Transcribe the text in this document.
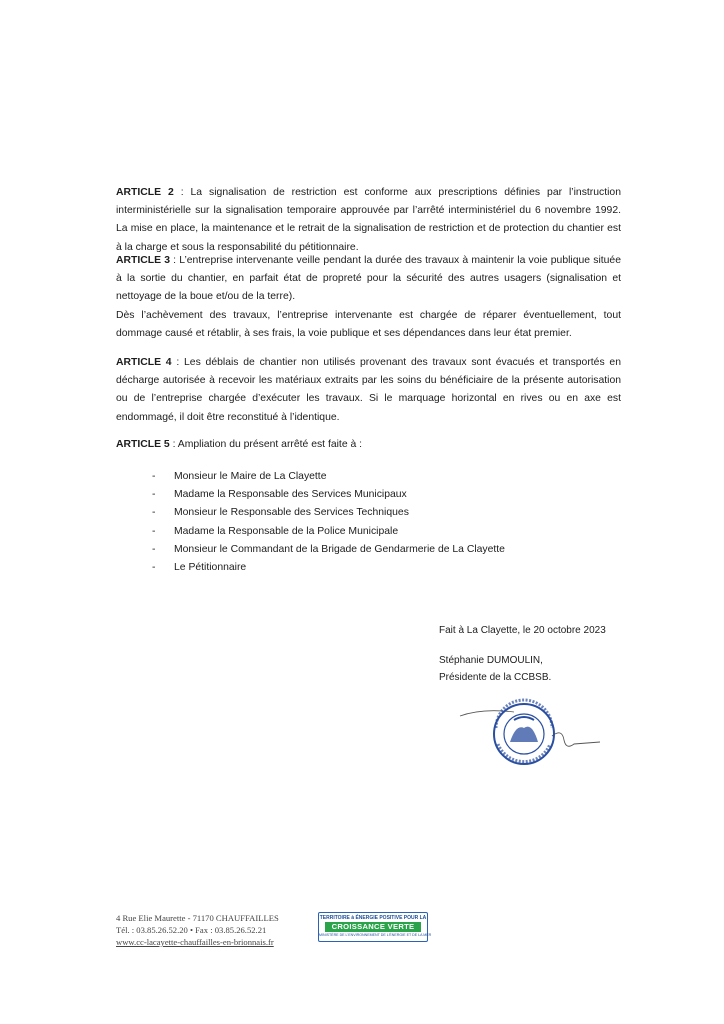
ARTICLE 2 : La signalisation de restriction est conforme aux prescriptions définies par l’instruction interministérielle sur la signalisation temporaire approuvée par l’arrêté interministériel du 6 novembre 1992. La mise en place, la maintenance et le retrait de la signalisation de restriction et de protection du chantier est à la charge et sous la responsabilité du pétitionnaire.

ARTICLE 3 : L’entreprise intervenante veille pendant la durée des travaux à maintenir la voie publique située à la sortie du chantier, en parfait état de propreté pour la sécurité des autres usagers (signalisation et nettoyage de la boue et/ou de la terre).

Dès l’achèvement des travaux, l’entreprise intervenante est chargée de réparer éventuellement, tout dommage causé et rétablir, à ses frais, la voie publique et ses dépendances dans leur état premier.

ARTICLE 4 : Les déblais de chantier non utilisés provenant des travaux sont évacués et transportés en décharge autorisée à recevoir les matériaux extraits par les soins du bénéficiaire de la présente autorisation ou de l’entreprise chargée d’exécuter les travaux. Si le marquage horizontal en rives ou en axe est endommagé, il doit être reconstitué à l’identique.

ARTICLE 5 : Ampliation du présent arrêté est faite à :

- Monsieur le Maire de La Clayette
- Madame la Responsable des Services Municipaux
- Monsieur le Responsable des Services Techniques
- Madame la Responsable de la Police Municipale
- Monsieur le Commandant de la Brigade de Gendarmerie de La Clayette
- Le Pétitionnaire
Fait à La Clayette, le 20 octobre 2023
Stéphanie DUMOULIN,
Présidente de la CCBSB.
4 Rue Elie Maurette - 71170 CHAUFFAILLES
Tél. : 03.85.26.52.20 • Fax : 03.85.26.52.21
www.cc-lacayette-chauffailles-en-brionnais.fr
TERRITOIRE à ÉNERGIE POSITIVE POUR LA
CROISSANCE VERTE
MINISTÈRE DE L'ENVIRONNEMENT DE L'ÉNERGIE ET DE LA MER
